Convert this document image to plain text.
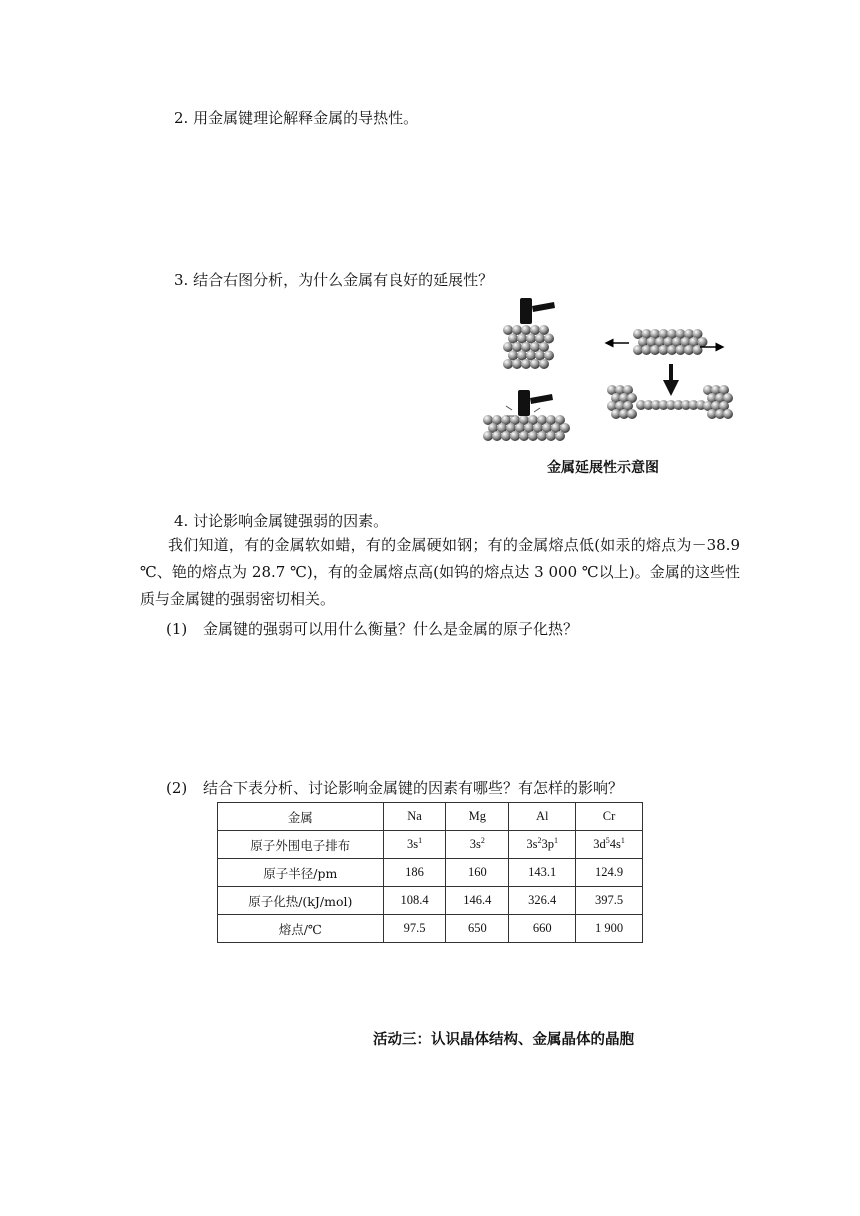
2. 用金属键理论解释金属的导热性。
3. 结合右图分析，为什么金属有良好的延展性？
金属延展性示意图
4. 讨论影响金属键强弱的因素。
我们知道，有的金属软如蜡，有的金属硬如钢；有的金属熔点低(如汞的熔点为－38.9 ℃、铯的熔点为 28.7 ℃)，有的金属熔点高(如钨的熔点达 3 000 ℃以上)。金属的这些性质与金属键的强弱密切相关。
(1) 金属键的强弱可以用什么衡量？什么是金属的原子化热？
(2) 结合下表分析、讨论影响金属键的因素有哪些？有怎样的影响？
金属	Na	Mg	Al	Cr
原子外围电子排布	$3s^1$	$3s^2$	$3s^23p^1$	$3d^54s^1$
原子半径/pm	186	160	143.1	124.9
原子化热/(kJ/mol)	108.4	146.4	326.4	397.5
熔点/℃	97.5	650	660	1 900
活动三：认识晶体结构、金属晶体的晶胞
